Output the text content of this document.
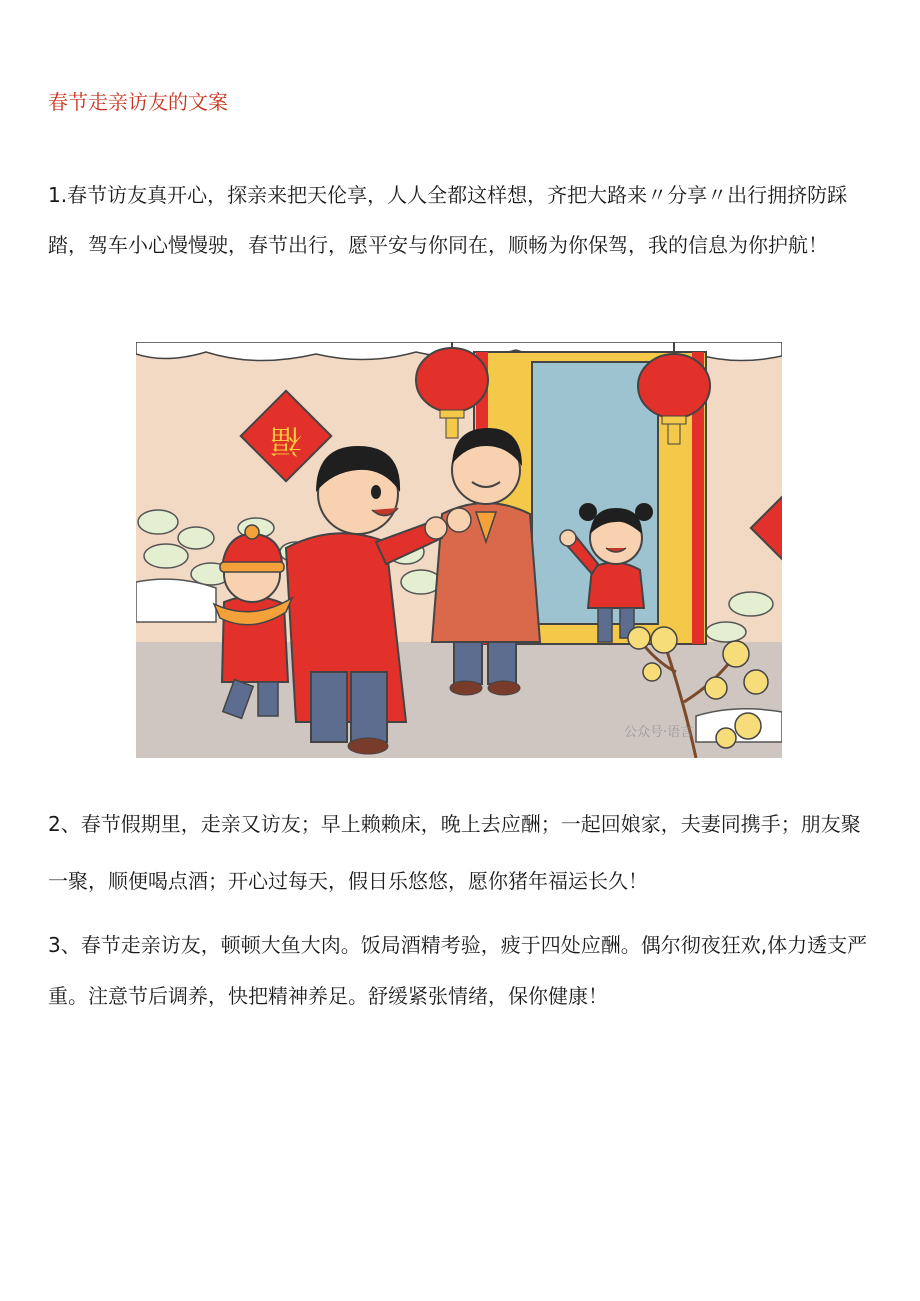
春节走亲访友的文案

1.春节访友真开心，探亲来把天伦享，人人全都这样想，齐把大路来〃分享〃出行拥挤防踩踏，驾车小心慢慢驶，春节出行，愿平安与你同在，顺畅为你保驾，我的信息为你护航！

福
公众号·语言

2、春节假期里，走亲又访友；早上赖赖床，晚上去应酬；一起回娘家，夫妻同携手；朋友聚一聚，顺便喝点酒；开心过每天，假日乐悠悠，愿你猪年福运长久！

3、春节走亲访友，顿顿大鱼大肉。饭局酒精考验，疲于四处应酬。偶尔彻夜狂欢,体力透支严重。注意节后调养，快把精神养足。舒缓紧张情绪，保你健康！
